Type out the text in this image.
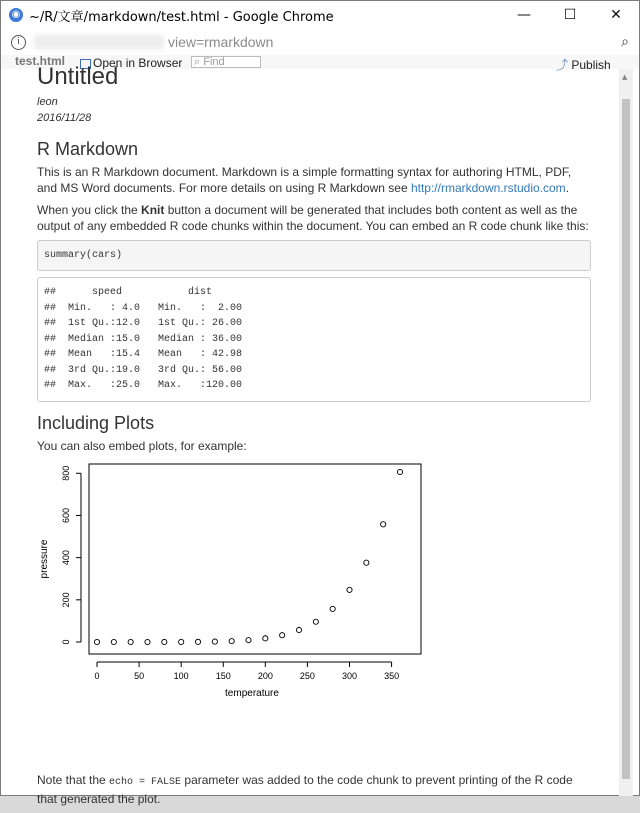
◉ ~/R/文章/markdown/test.html - Google Chrome	—	☐	✕
i	view=rmarkdown	⌕
test.html	Open in Browser ⌕ Find	⤴ Publish
Untitled
leon
2016/11/28
R Markdown

This is an R Markdown document. Markdown is a simple formatting syntax for authoring HTML, PDF, and MS Word documents. For more details on using R Markdown see http://rmarkdown.rstudio.com.

When you click the Knit button a document will be generated that includes both content as well as the output of any embedded R code chunks within the document. You can embed an R code chunk like this:

summary(cars)
##      speed           dist
##  Min.   : 4.0   Min.   :  2.00
##  1st Qu.:12.0   1st Qu.: 26.00
##  Median :15.0   Median : 36.00
##  Mean   :15.4   Mean   : 42.98
##  3rd Qu.:19.0   3rd Qu.: 56.00
##  Max.   :25.0   Max.   :120.00
Including Plots

You can also embed plots, for example:

0	50	100	150	200	250	300	350
0
200
400
600
800
temperature
pressure

Note that the echo = FALSE parameter was added to the code chunk to prevent printing of the R code that generated the plot.

▲
